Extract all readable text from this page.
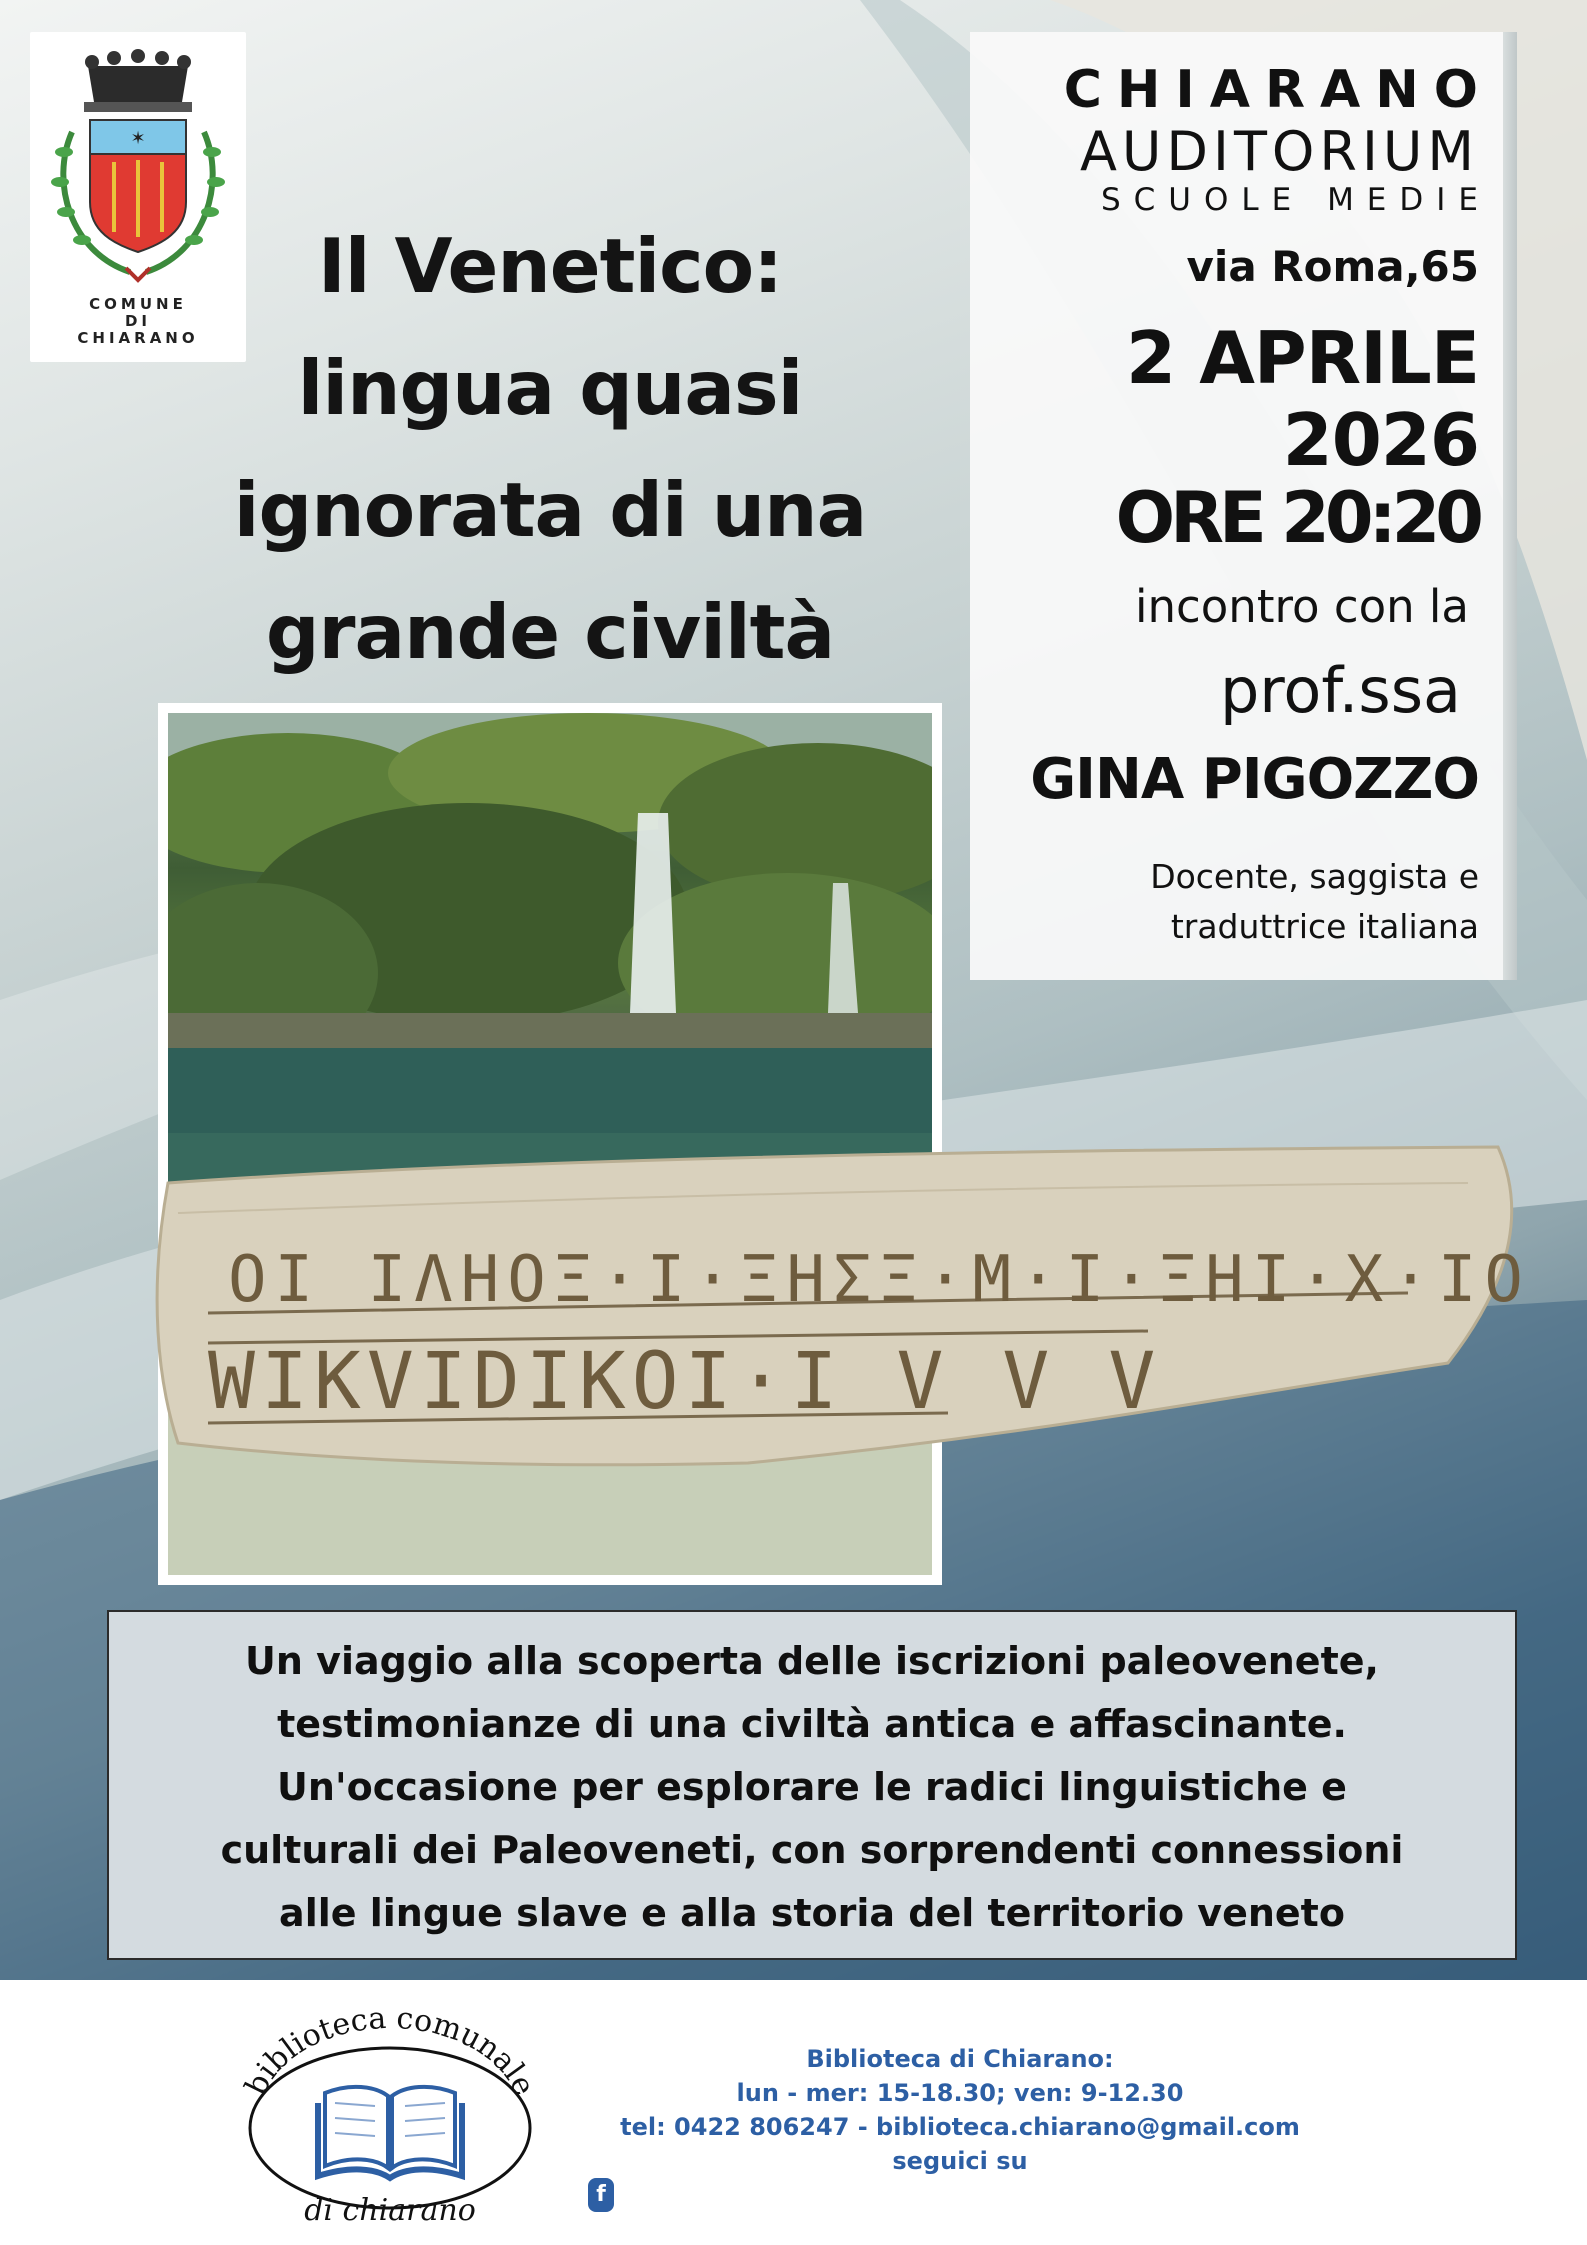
✶
COMUNE
DI
CHIARANO
Il Venetico:
lingua quasi
ignorata di una
grande civiltà
CHIARANO
AUDITORIUM
SCUOLE MEDIE
via Roma,65
2 APRILE
2026
ORE 20:20
incontro con la
prof.ssa
GINA PIGOZZO
Docente, saggista e
traduttrice italiana
ΟΙ ΙΛΗΟΞ·Ι·ΞΗΣΞ·Μ·Ι·ΞΗΙ·Χ·ΙΟΗ
WΙΚVΙDIΚOΙ·Ι V V V
Un viaggio alla scoperta delle iscrizioni paleovenete,
testimonianze di una civiltà antica e affascinante.
Un'occasione per esplorare le radici linguistiche e
culturali dei Paleoveneti, con sorprendenti connessioni
alle lingue slave e alla storia del territorio veneto
biblioteca comunale
di chiarano
Biblioteca di Chiarano:
lun - mer: 15-18.30; ven: 9-12.30
tel: 0422 806247 - biblioteca.chiarano@gmail.com
seguici su
f
